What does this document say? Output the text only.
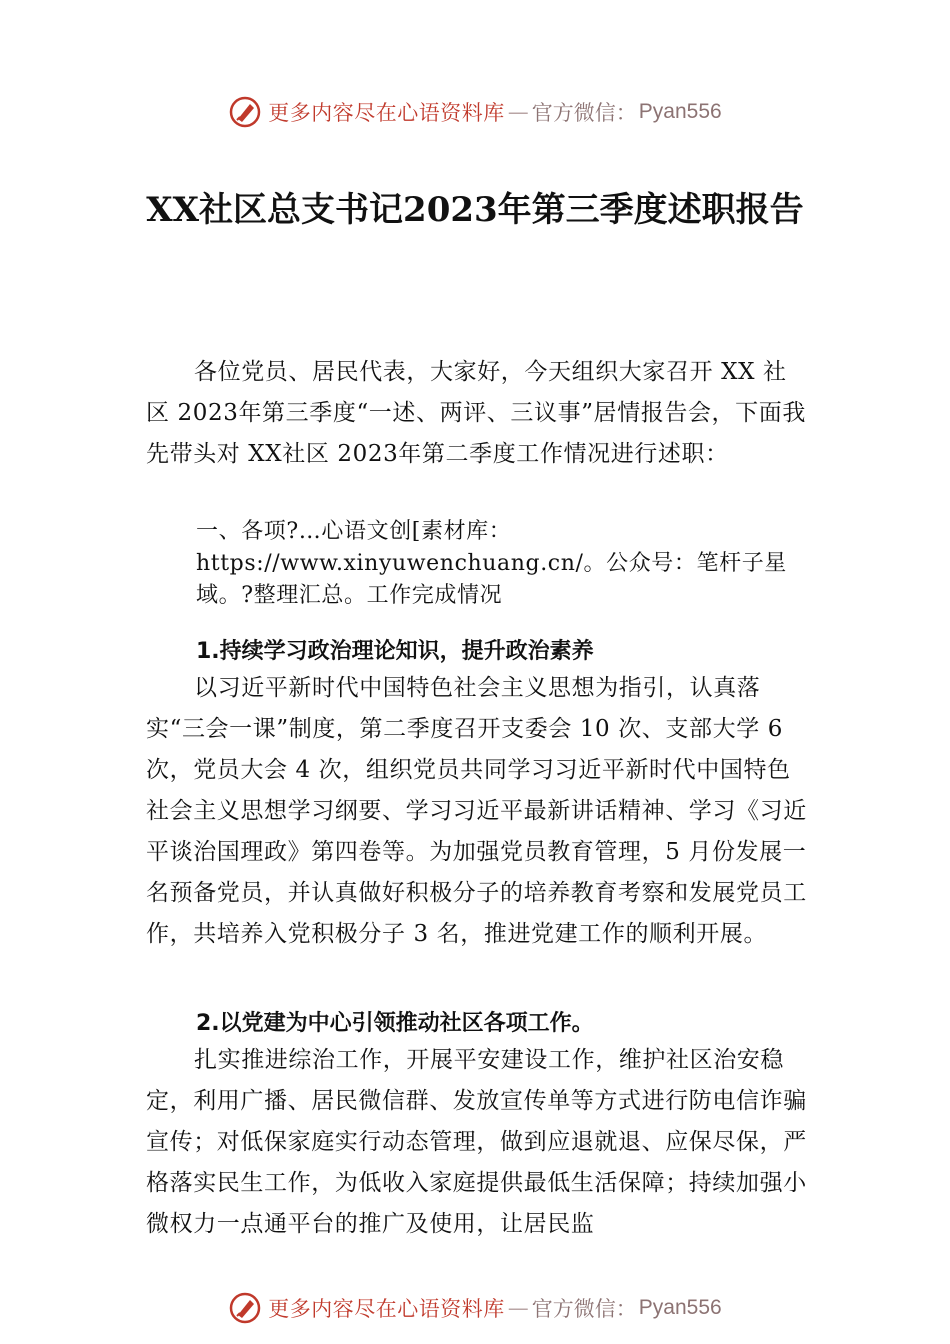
更多内容尽在心语资料库 — 官方微信： Pyan556
XX社区总支书记2023年第三季度述职报告

各位党员、居民代表，大家好，今天组织大家召开 XX 社区 2023年第三季度“一述、两评、三议事”居情报告会，下面我先带头对 XX社区 2023年第二季度工作情况进行述职：

一、各项?…心语文创[素材库：https://www.xinyuwenchuang.cn/。公众号：笔杆子星域。?整理汇总。工作完成情况

1.持续学习政治理论知识，提升政治素养

以习近平新时代中国特色社会主义思想为指引，认真落实“三会一课”制度，第二季度召开支委会 10 次、支部大学 6 次，党员大会 4 次，组织党员共同学习习近平新时代中国特色社会主义思想学习纲要、学习习近平最新讲话精神、学习《习近平谈治国理政》第四卷等。为加强党员教育管理，5 月份发展一名预备党员，并认真做好积极分子的培养教育考察和发展党员工作，共培养入党积极分子 3 名，推进党建工作的顺利开展。

2.以党建为中心引领推动社区各项工作。

扎实推进综治工作，开展平安建设工作，维护社区治安稳定，利用广播、居民微信群、发放宣传单等方式进行防电信诈骗宣传；对低保家庭实行动态管理，做到应退就退、应保尽保，严格落实民生工作，为低收入家庭提供最低生活保障；持续加强小微权力一点通平台的推广及使用，让居民监

更多内容尽在心语资料库 — 官方微信： Pyan556
